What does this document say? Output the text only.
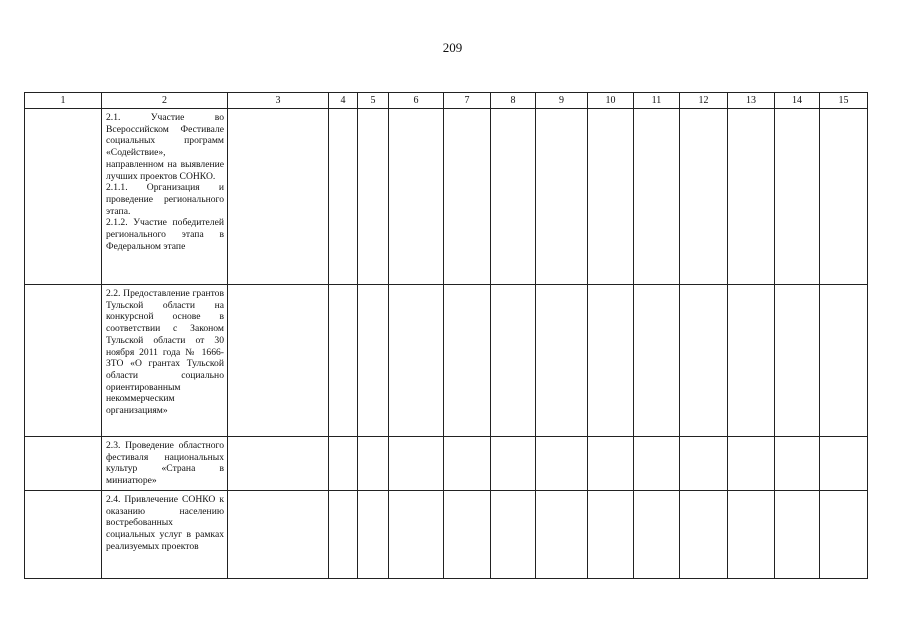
209
1	2	3	4	5	6	7	8	9	10	11	12	13	14	15
	2.1. Участие во Всероссийском Фестивале социальных программ «Содействие», направленном на выявление лучших проектов СОНКО.
2.1.1. Организация и проведение регионального этапа.
2.1.2. Участие победителей регионального этапа в Федеральном этапе													
	2.2. Предоставление грантов Тульской области на конкурсной основе в соответствии с Законом Тульской области от 30 ноября 2011 года № 1666-ЗТО «О грантах Тульской области социально ориентированным некоммерческим организациям»													
	2.3. Проведение областного фестиваля национальных культур «Страна в миниатюре»													
	2.4. Привлечение СОНКО к оказанию населению востребованных социальных услуг в рамках реализуемых проектов													
